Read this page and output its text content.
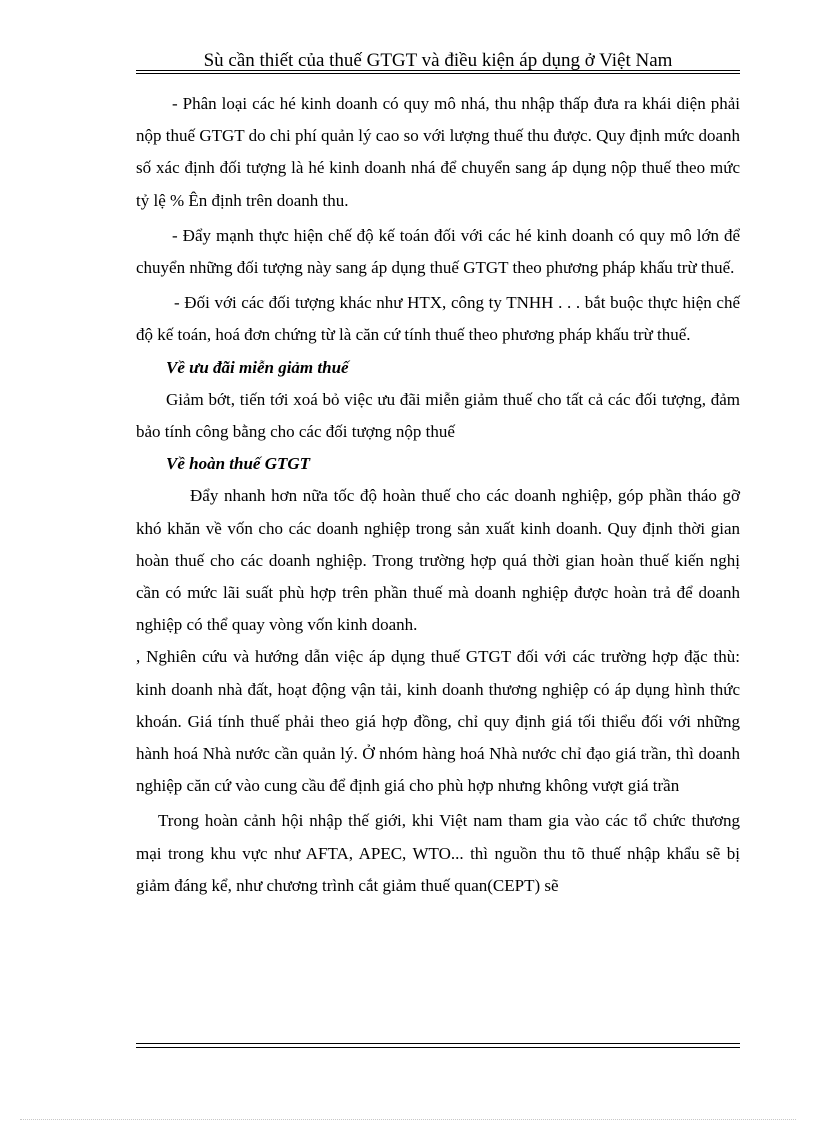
Sù cần thiết của thuế GTGT và điều kiện áp dụng ở Việt Nam

- Phân loại các hé kinh doanh có quy mô nhá, thu nhập thấp đưa ra khái diện phải nộp thuế GTGT do chi phí quản lý cao so với lượng thuế thu được. Quy định mức doanh số xác định đối tượng là hé kinh doanh nhá để chuyển sang áp dụng nộp thuế theo mức tỷ lệ % Ên định trên doanh thu.

- Đẩy mạnh thực hiện chế độ kế toán đối với các hé kinh doanh có quy mô lớn để chuyển những đối tượng này sang áp dụng thuế GTGT theo phương pháp khấu trừ thuế.

- Đối với các đối tượng khác như HTX, công ty TNHH . . . bắt buộc thực hiện chế độ kế toán, hoá đơn chứng từ là căn cứ tính thuế theo phương pháp khấu trừ thuế.

Về ưu đãi miễn giảm thuế

Giảm bớt, tiến tới xoá bỏ việc ưu đãi miễn giảm thuế cho tất cả các đối tượng, đảm bảo tính công bằng cho các đối tượng nộp thuế

Về hoàn thuế GTGT

Đẩy nhanh hơn nữa tốc độ hoàn thuế cho các doanh nghiệp, góp phần tháo gỡ khó khăn về vốn cho các doanh nghiệp trong sản xuất kinh doanh. Quy định thời gian hoàn thuế cho các doanh nghiệp. Trong trường hợp quá thời gian hoàn thuế kiến nghị cần có mức lãi suất phù hợp trên phần thuế mà doanh nghiệp được hoàn trả để doanh nghiệp có thể quay vòng vốn kinh doanh.

, Nghiên cứu và hướng dẫn việc áp dụng thuế GTGT đối với các trường hợp đặc thù: kinh doanh nhà đất, hoạt động vận tải, kinh doanh thương nghiệp có áp dụng hình thức khoán. Giá tính thuế phải theo giá hợp đồng, chỉ quy định giá tối thiểu đối với những hành hoá Nhà nước cần quản lý. Ở nhóm hàng hoá Nhà nước chỉ đạo giá trần, thì doanh nghiệp căn cứ vào cung cầu để định giá cho phù hợp nhưng không vượt giá trần

Trong hoàn cảnh hội nhập thế giới, khi Việt nam tham gia vào các tổ chức thương mại trong khu vực như AFTA, APEC, WTO... thì nguồn thu tõ thuế nhập khẩu sẽ bị giảm đáng kể, như chương trình cắt giảm thuế quan(CEPT) sẽ
